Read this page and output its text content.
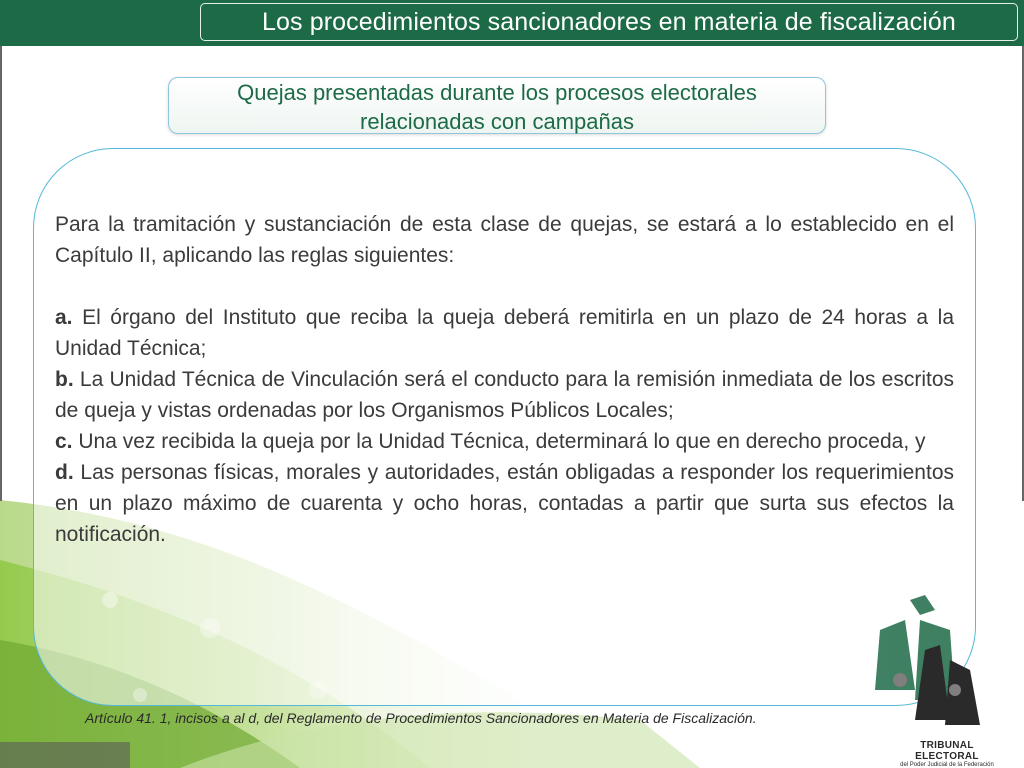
Los procedimientos sancionadores en materia de fiscalización
Quejas presentadas durante los procesos electorales
relacionadas con campañas

Para la tramitación y sustanciación de esta clase de quejas, se estará a lo establecido en el Capítulo II, aplicando las reglas siguientes:

a. El órgano del Instituto que reciba la queja deberá remitirla en un plazo de 24 horas a la Unidad Técnica;

b. La Unidad Técnica de Vinculación será el conducto para la remisión inmediata de los escritos de queja y vistas ordenadas por los Organismos Públicos Locales;

c. Una vez recibida la queja por la Unidad Técnica, determinará lo que en derecho proceda, y

d. Las personas físicas, morales y autoridades, están obligadas a responder los requerimientos en un plazo máximo de cuarenta y ocho horas, contadas a partir que surta sus efectos la notificación.

Artículo 41. 1, incisos a al d, del Reglamento de Procedimientos Sancionadores en Materia de Fiscalización.
TRIBUNAL ELECTORAL
del Poder Judicial de la Federación
